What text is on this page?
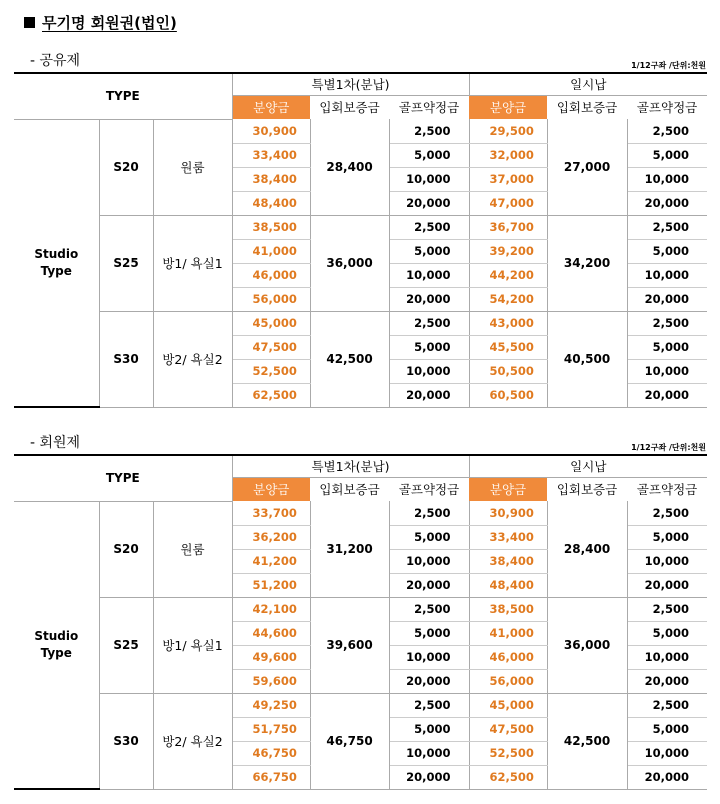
무기명 회원권(법인)
- 공유제	1/12구좌 /단위:천원
TYPE			특별1차(분납)			일시납		
			분양금	입회보증금	골프약정금	분양금	입회보증금	골프약정금

Studio
Type	S20	원룸	30,900	28,400	2,500	29,500	27,000	2,500
			33,400		5,000	32,000		5,000
			38,400		10,000	37,000		10,000
			48,400		20,000	47,000		20,000
	S25	방1/ 욕실1	38,500	36,000	2,500	36,700	34,200	2,500
			41,000		5,000	39,200		5,000
			46,000		10,000	44,200		10,000
			56,000		20,000	54,200		20,000
	S30	방2/ 욕실2	45,000	42,500	2,500	43,000	40,500	2,500
			47,500		5,000	45,500		5,000
			52,500		10,000	50,500		10,000
			62,500		20,000	60,500		20,000
- 회원제	1/12구좌 /단위:천원
TYPE			특별1차(분납)			일시납		
			분양금	입회보증금	골프약정금	분양금	입회보증금	골프약정금

Studio
Type	S20	원룸	33,700	31,200	2,500	30,900	28,400	2,500
			36,200		5,000	33,400		5,000
			41,200		10,000	38,400		10,000
			51,200		20,000	48,400		20,000
	S25	방1/ 욕실1	42,100	39,600	2,500	38,500	36,000	2,500
			44,600		5,000	41,000		5,000
			49,600		10,000	46,000		10,000
			59,600		20,000	56,000		20,000
	S30	방2/ 욕실2	49,250	46,750	2,500	45,000	42,500	2,500
			51,750		5,000	47,500		5,000
			46,750		10,000	52,500		10,000
			66,750		20,000	62,500		20,000
